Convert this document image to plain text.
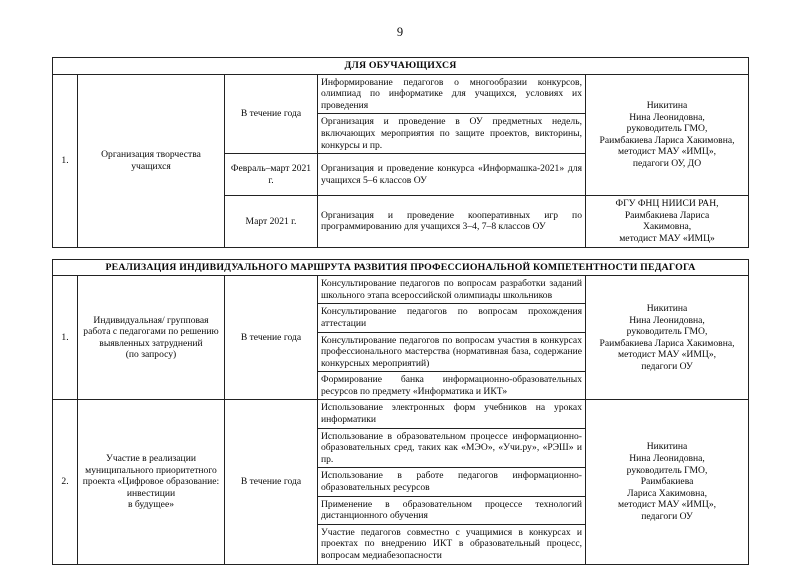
9
ДЛЯ ОБУЧАЮЩИХСЯ				
1.	Организация творчества учащихся	В течение года	Информирование педагогов о многообразии конкурсов, олимпиад по информатике для учащихся, условиях их проведения	Никитина
Нина Леонидовна,
руководитель ГМО,
Раимбакиева Лариса Хакимовна,
методист МАУ «ИМЦ»,
педагоги ОУ, ДО
			Организация и проведение в ОУ предметных недель, включающих мероприятия по защите проектов, викторины, конкурсы и пр.	
		Февраль–март 2021 г.	Организация и проведение конкурса «Информашка-2021» для учащихся 5–6 классов ОУ	
		Март 2021 г.	Организация и проведение кооперативных игр по программированию для учащихся 3–4, 7–8 классов ОУ	ФГУ ФНЦ НИИСИ РАН,
Раимбакиева Лариса
Хакимовна,
методист МАУ «ИМЦ»

РЕАЛИЗАЦИЯ ИНДИВИДУАЛЬНОГО МАРШРУТА РАЗВИТИЯ ПРОФЕССИОНАЛЬНОЙ КОМПЕТЕНТНОСТИ ПЕДАГОГА				
1.	Индивидуальная/ групповая работа с педагогами по решению выявленных затруднений
(по запросу)	В течение года	Консультирование педагогов по вопросам разработки заданий школьного этапа всероссийской олимпиады школьников	Никитина
Нина Леонидовна,
руководитель ГМО,
Раимбакиева Лариса Хакимовна,
методист МАУ «ИМЦ»,
педагоги ОУ
			Консультирование педагогов по вопросам прохождения аттестации	
			Консультирование педагогов по вопросам участия в конкурсах профессионального мастерства (нормативная база, содержание конкурсных мероприятий)	
			Формирование банка информационно-образовательных ресурсов по предмету «Информатика и ИКТ»	
2.	Участие в реализации муниципального приоритетного проекта «Цифровое образование: инвестиции
в будущее»	В течение года	Использование электронных форм учебников на уроках информатики	Никитина
Нина Леонидовна,
руководитель ГМО,
Раимбакиева
Лариса Хакимовна,
методист МАУ «ИМЦ»,
педагоги ОУ
			Использование в образовательном процессе информационно-образовательных сред, таких как «МЭО», «Учи.ру», «РЭШ» и пр.	
			Использование в работе педагогов информационно-образовательных ресурсов	
			Применение в образовательном процессе технологий дистанционного обучения	
			Участие педагогов совместно с учащимися в конкурсах и проектах по внедрению ИКТ в образовательный процесс, вопросам медиабезопасности	
